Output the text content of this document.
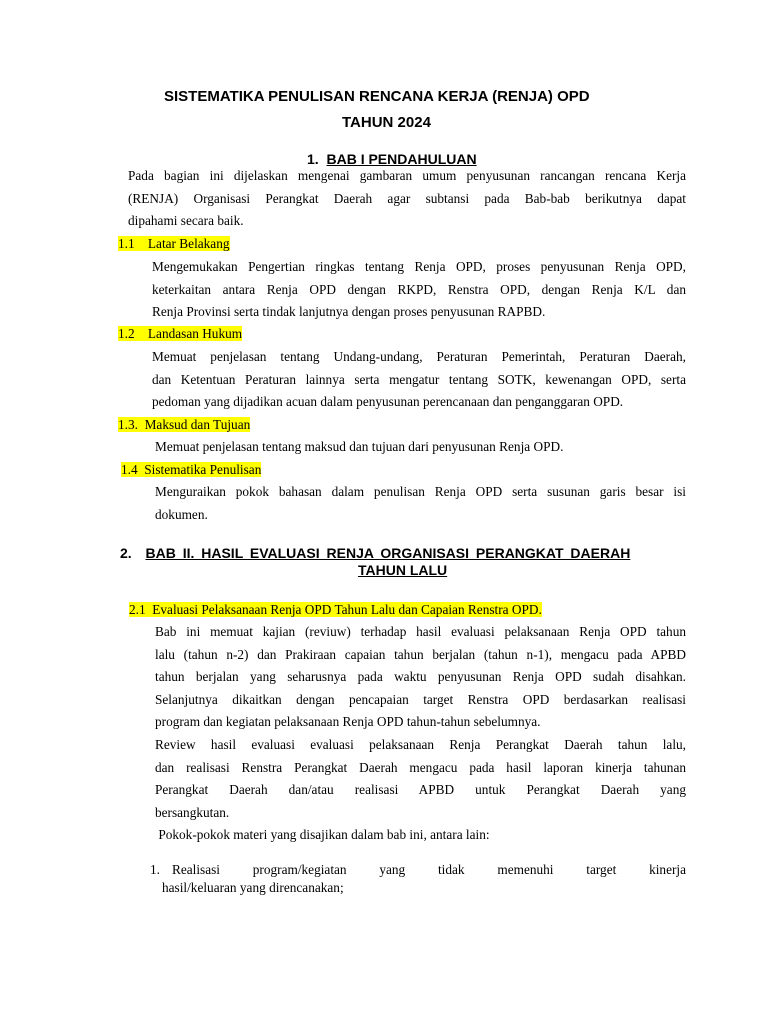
SISTEMATIKA PENULISAN RENCANA KERJA (RENJA) OPD
TAHUN 2024
1. BAB I PENDAHULUAN
Pada bagian ini dijelaskan mengenai gambaran umum penyusunan rancangan rencana Kerja
(RENJA) Organisasi Perangkat Daerah agar subtansi pada Bab-bab berikutnya dapat
dipahami secara baik.
1.1 Latar Belakang
Mengemukakan Pengertian ringkas tentang Renja OPD, proses penyusunan Renja OPD,
keterkaitan antara Renja OPD dengan RKPD, Renstra OPD, dengan Renja K/L dan
Renja Provinsi serta tindak lanjutnya dengan proses penyusunan RAPBD.
1.2 Landasan Hukum
Memuat penjelasan tentang Undang-undang, Peraturan Pemerintah, Peraturan Daerah,
dan Ketentuan Peraturan lainnya serta mengatur tentang SOTK, kewenangan OPD, serta
pedoman yang dijadikan acuan dalam penyusunan perencanaan dan penganggaran OPD.
1.3. Maksud dan Tujuan
Memuat penjelasan tentang maksud dan tujuan dari penyusunan Renja OPD.
1.4 Sistematika Penulisan
Menguraikan pokok bahasan dalam penulisan Renja OPD serta susunan garis besar isi
dokumen.
2. BAB II. HASIL EVALUASI RENJA ORGANISASI PERANGKAT DAERAH
TAHUN LALU
2.1 Evaluasi Pelaksanaan Renja OPD Tahun Lalu dan Capaian Renstra OPD.
Bab ini memuat kajian (reviuw) terhadap hasil evaluasi pelaksanaan Renja OPD tahun
lalu (tahun n-2) dan Prakiraan capaian tahun berjalan (tahun n-1), mengacu pada APBD
tahun berjalan yang seharusnya pada waktu penyusunan Renja OPD sudah disahkan.
Selanjutnya dikaitkan dengan pencapaian target Renstra OPD berdasarkan realisasi
program dan kegiatan pelaksanaan Renja OPD tahun-tahun sebelumnya.
Review hasil evaluasi evaluasi pelaksanaan Renja Perangkat Daerah tahun lalu,
dan realisasi Renstra Perangkat Daerah mengacu pada hasil laporan kinerja tahunan
Perangkat Daerah dan/atau realisasi APBD untuk Perangkat Daerah yang
bersangkutan.
Pokok-pokok materi yang disajikan dalam bab ini, antara lain:
1. Realisasi program/kegiatan yang tidak memenuhi target kinerja
hasil/keluaran yang direncanakan;
